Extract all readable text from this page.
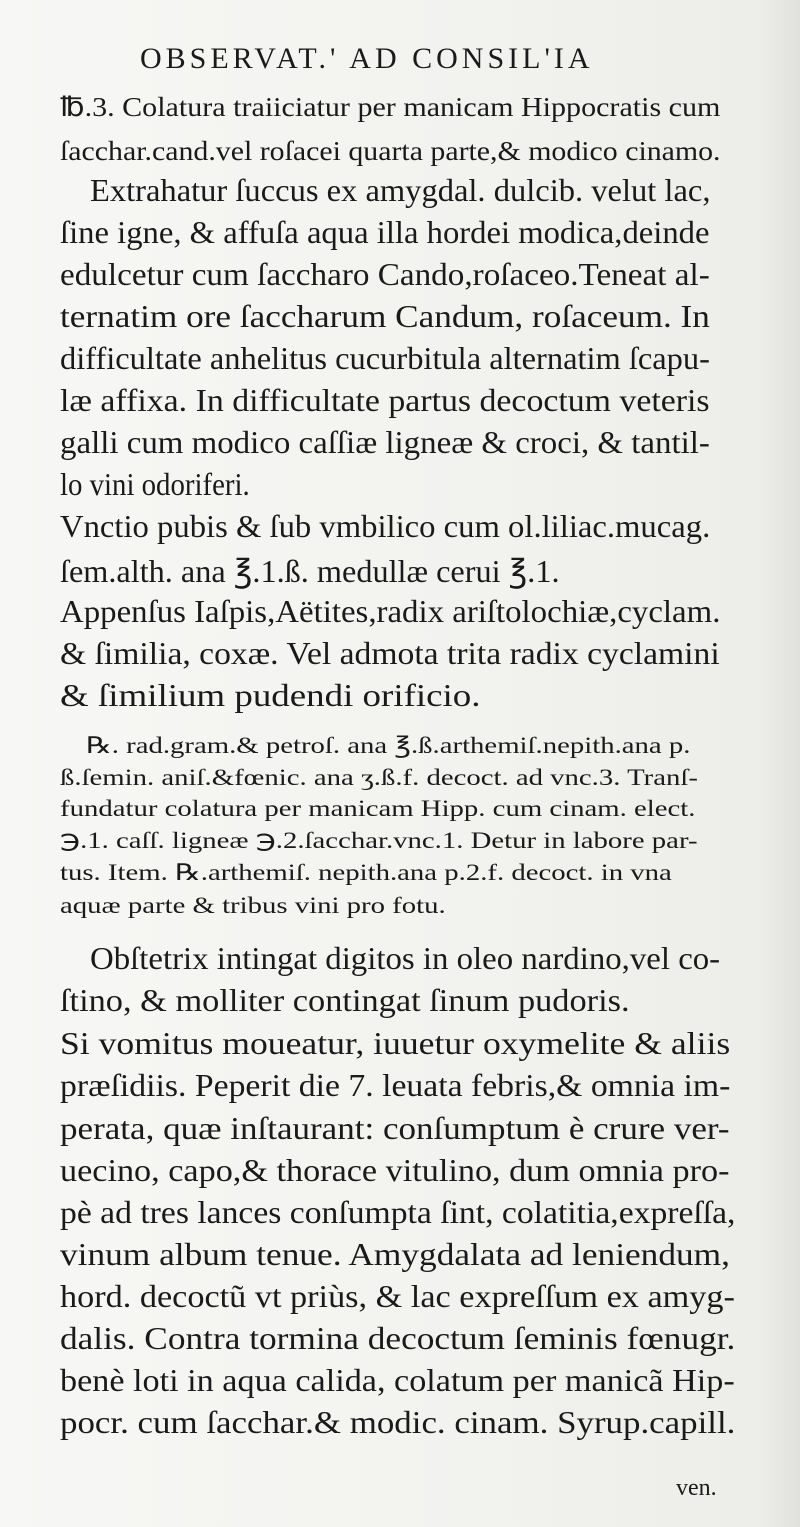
OBSERVAT.' AD CONSIL'IA
℔.3. Colatura traiiciatur per manicam Hippocratis cum
ſacchar.cand.vel roſacei quarta parte,& modico cinamo.
Extrahatur ſuccus ex amygdal. dulcib. velut lac,
ſine igne, & affuſa aqua illa hordei modica,deinde
edulcetur cum ſaccharo Cando,roſaceo.Teneat al-
ternatim ore ſaccharum Candum, roſaceum. In
difficultate anhelitus cucurbitula alternatim ſcapu-
læ affixa. In difficultate partus decoctum veteris
galli cum modico caſſiæ ligneæ & croci, & tantil-
lo vini odoriferi.
Vnctio pubis & ſub vmbilico cum ol.liliac.mucag.
ſem.alth. ana ℥.1.ß. medullæ cerui ℥.1.
Appenſus Iaſpis,Aëtites,radix ariſtolochiæ,cyclam.
& ſimilia, coxæ. Vel admota trita radix cyclamini
& ſimilium pudendi orificio.
℞. rad.gram.& petroſ. ana ℥.ß.arthemiſ.nepith.ana p.
ß.ſemin. aniſ.&fœnic. ana ʒ.ß.f. decoct. ad vnc.3. Tranſ-
fundatur colatura per manicam Hipp. cum cinam. elect.
℈.1. caſſ. ligneæ ℈.2.ſacchar.vnc.1. Detur in labore par-
tus. Item. ℞.arthemiſ. nepith.ana p.2.f. decoct. in vna
aquæ parte & tribus vini pro fotu.
Obſtetrix intingat digitos in oleo nardino,vel co-
ſtino, & molliter contingat ſinum pudoris.
Si vomitus moueatur, iuuetur oxymelite & aliis
præſidiis. Peperit die 7. leuata febris,& omnia im-
perata, quæ inſtaurant: conſumptum è crure ver-
uecino, capo,& thorace vitulino, dum omnia pro-
pè ad tres lances conſumpta ſint, colatitia,expreſſa,
vinum album tenue. Amygdalata ad leniendum,
hord. decoctũ vt priùs, & lac expreſſum ex amyg-
dalis. Contra tormina decoctum ſeminis fœnugr.
benè loti in aqua calida, colatum per manicã Hip-
pocr. cum ſacchar.& modic. cinam. Syrup.capill.
ven.
